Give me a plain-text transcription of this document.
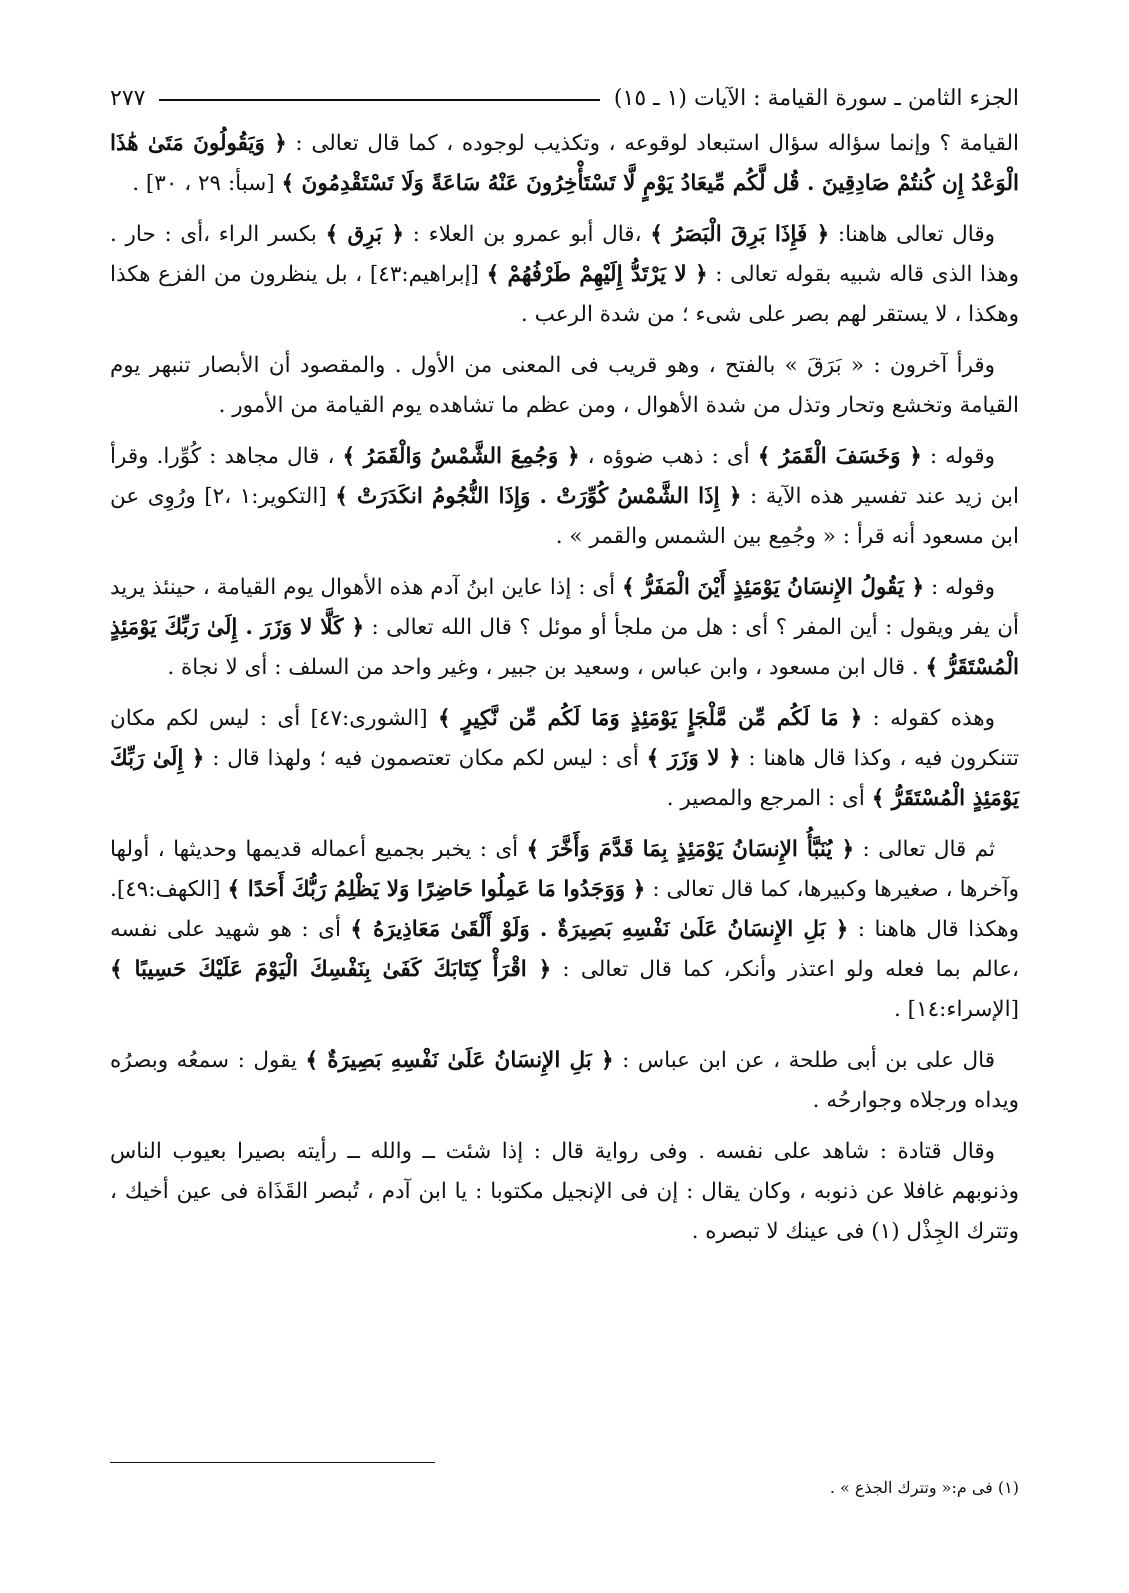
الجزء الثامن ـ سورة القيامة : الآيات (١ ـ ١٥)
٢٧٧

القيامة ؟ وإنما سؤاله سؤال استبعاد لوقوعه ، وتكذيب لوجوده ، كما قال تعالى : ﴿ وَيَقُولُونَ مَتَىٰ هَٰذَا الْوَعْدُ إِن كُنتُمْ صَادِقِينَ . قُل لَّكُم مِّيعَادُ يَوْمٍ لَّا تَسْتَأْخِرُونَ عَنْهُ سَاعَةً وَلَا تَسْتَقْدِمُونَ ﴾ [سبأ: ٢٩ ، ٣٠] .

وقال تعالى هاهنا: ﴿ فَإِذَا بَرِقَ الْبَصَرُ ﴾ ،قال أبو عمرو بن العلاء : ﴿ بَرِق ﴾ بكسر الراء ،أى : حار . وهذا الذى قاله شبيه بقوله تعالى : ﴿ لا يَرْتَدُّ إِلَيْهِمْ طَرْفُهُمْ ﴾ [إبراهيم:٤٣] ، بل ينظرون من الفزع هكذا وهكذا ، لا يستقر لهم بصر على شىء ؛ من شدة الرعب .

وقرأ آخرون : « بَرَقَ » بالفتح ، وهو قريب فى المعنى من الأول . والمقصود أن الأبصار تنبهر يوم القيامة وتخشع وتحار وتذل من شدة الأهوال ، ومن عظم ما تشاهده يوم القيامة من الأمور .

وقوله : ﴿ وَخَسَفَ الْقَمَرُ ﴾ أى : ذهب ضوؤه ، ﴿ وَجُمِعَ الشَّمْسُ وَالْقَمَرُ ﴾ ، قال مجاهد : كُوِّرا. وقرأ ابن زيد عند تفسير هذه الآية : ﴿ إِذَا الشَّمْسُ كُوِّرَتْ . وَإِذَا النُّجُومُ انكَدَرَتْ ﴾ [التكوير:١ ،٢] ورُوِى عن ابن مسعود أنه قرأ : « وجُمِع بين الشمس والقمر » .

وقوله : ﴿ يَقُولُ الإِنسَانُ يَوْمَئِذٍ أَيْنَ الْمَفَرُّ ﴾ أى : إذا عاين ابنُ آدم هذه الأهوال يوم القيامة ، حينئذ يريد أن يفر ويقول : أين المفر ؟ أى : هل من ملجأ أو موئل ؟ قال الله تعالى : ﴿ كَلَّا لا وَزَرَ . إِلَىٰ رَبِّكَ يَوْمَئِذٍ الْمُسْتَقَرُّ ﴾ . قال ابن مسعود ، وابن عباس ، وسعيد بن جبير ، وغير واحد من السلف : أى لا نجاة .

وهذه كقوله : ﴿ مَا لَكُم مِّن مَّلْجَإٍ يَوْمَئِذٍ وَمَا لَكُم مِّن نَّكِيرٍ ﴾ [الشورى:٤٧] أى : ليس لكم مكان تتنكرون فيه ، وكذا قال هاهنا : ﴿ لا وَزَرَ ﴾ أى : ليس لكم مكان تعتصمون فيه ؛ ولهذا قال : ﴿ إِلَىٰ رَبِّكَ يَوْمَئِذٍ الْمُسْتَقَرُّ ﴾ أى : المرجع والمصير .

ثم قال تعالى : ﴿ يُنَبَّأُ الإِنسَانُ يَوْمَئِذٍ بِمَا قَدَّمَ وَأَخَّرَ ﴾ أى : يخبر بجميع أعماله قديمها وحديثها ، أولها وآخرها ، صغيرها وكبيرها، كما قال تعالى : ﴿ وَوَجَدُوا مَا عَمِلُوا حَاضِرًا وَلا يَظْلِمُ رَبُّكَ أَحَدًا ﴾ [الكهف:٤٩]. وهكذا قال هاهنا : ﴿ بَلِ الإِنسَانُ عَلَىٰ نَفْسِهِ بَصِيرَةٌ . وَلَوْ أَلْقَىٰ مَعَاذِيرَهُ ﴾ أى : هو شهيد على نفسه ،عالم بما فعله ولو اعتذر وأنكر، كما قال تعالى : ﴿ اقْرَأْ كِتَابَكَ كَفَىٰ بِنَفْسِكَ الْيَوْمَ عَلَيْكَ حَسِيبًا ﴾ [الإسراء:١٤] .

قال على بن أبى طلحة ، عن ابن عباس : ﴿ بَلِ الإِنسَانُ عَلَىٰ نَفْسِهِ بَصِيرَةٌ ﴾ يقول : سمعُه وبصرُه ويداه ورجلاه وجوارحُه .

وقال قتادة : شاهد على نفسه . وفى رواية قال : إذا شئت ــ والله ــ رأيته بصيرا بعيوب الناس وذنوبهم غافلا عن ذنوبه ، وكان يقال : إن فى الإنجيل مكتوبا : يا ابن آدم ، تُبصر القَذَاة فى عين أخيك ، وتترك الجِذْل (١) فى عينك لا تبصره .

(١) فى م:« وتترك الجذع » .
